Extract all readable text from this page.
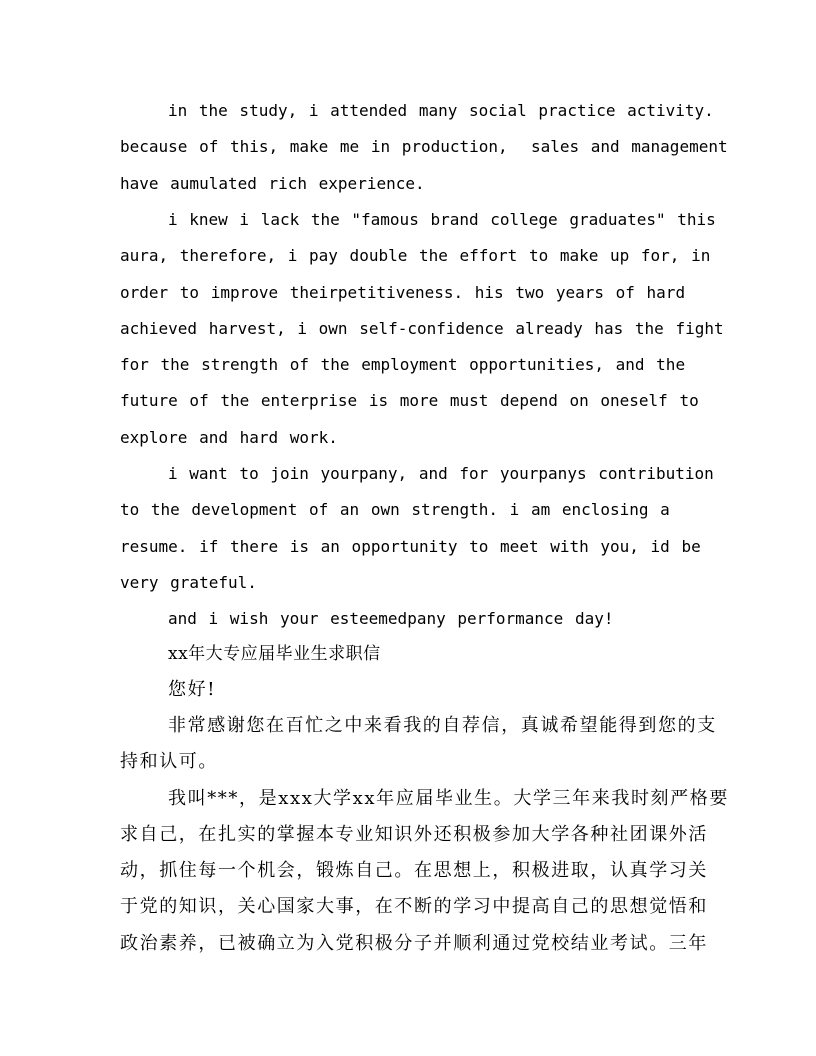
in the study, i attended many social practice activity.
because of this, make me in production,  sales and management
have aumulated rich experience.
i knew i lack the "famous brand college graduates" this
aura, therefore, i pay double the effort to make up for, in
order to improve theirpetitiveness. his two years of hard
achieved harvest, i own self-confidence already has the fight
for the strength of the employment opportunities, and the
future of the enterprise is more must depend on oneself to
explore and hard work.
i want to join yourpany, and for yourpanys contribution
to the development of an own strength. i am enclosing a
resume. if there is an opportunity to meet with you, id be
very grateful.
and i wish your esteemedpany performance day!
xx年大专应届毕业生求职信
您好!
非常感谢您在百忙之中来看我的自荐信，真诚希望能得到您的支
持和认可。
我叫***，是xxx大学xx年应届毕业生。大学三年来我时刻严格要
求自己，在扎实的掌握本专业知识外还积极参加大学各种社团课外活
动，抓住每一个机会，锻炼自己。在思想上，积极进取，认真学习关
于党的知识，关心国家大事，在不断的学习中提高自己的思想觉悟和
政治素养，已被确立为入党积极分子并顺利通过党校结业考试。三年
